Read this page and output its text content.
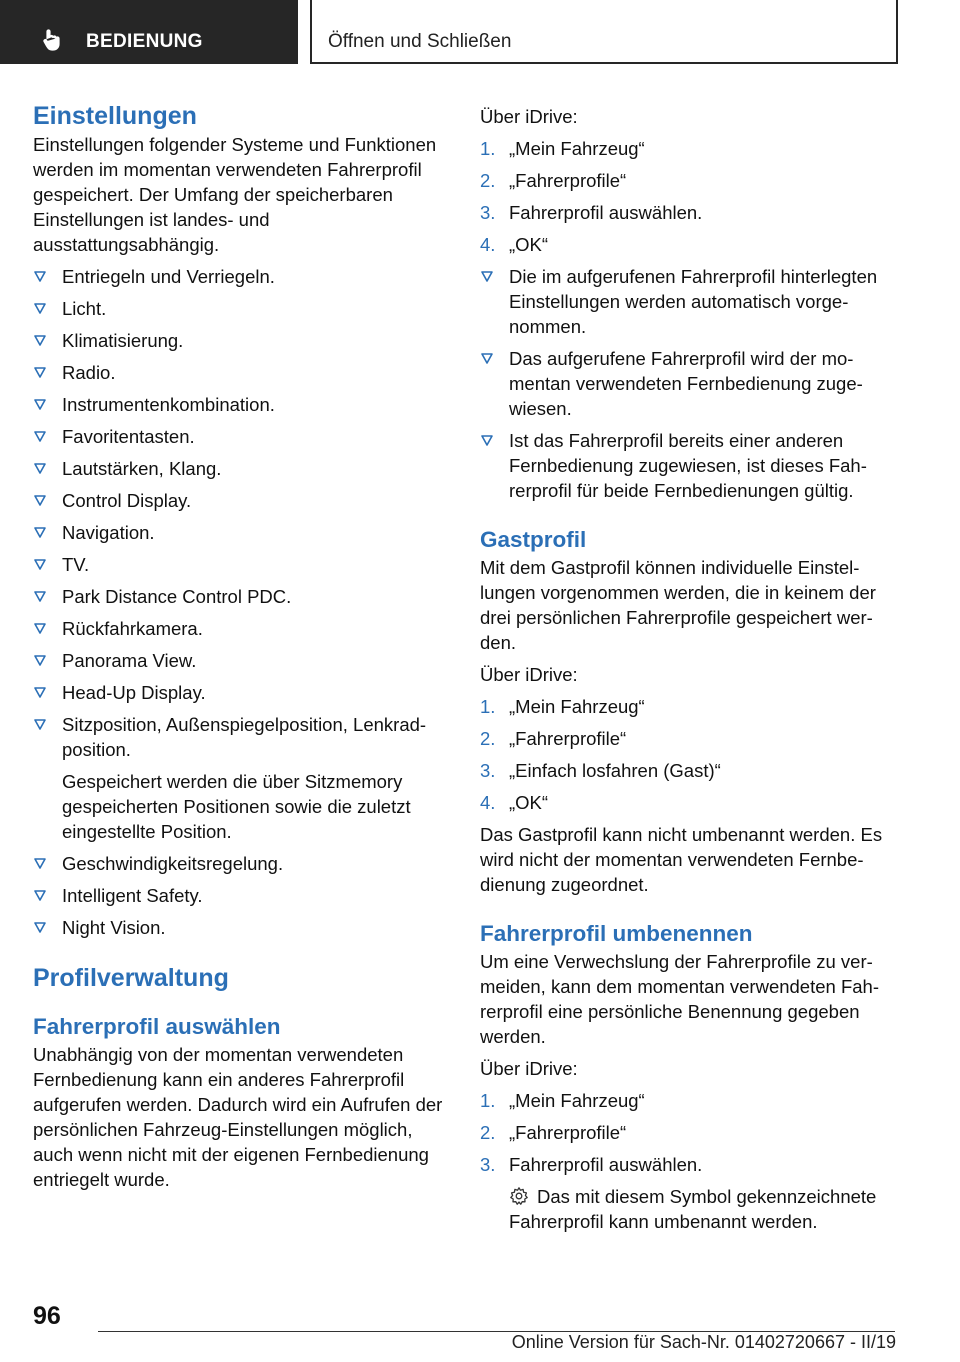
BEDIENUNG	Öffnen und Schließen
Einstellungen

Einstellungen folgender Systeme und Funktionen werden im momentan verwendeten Fahrerprofil gespeichert. Der Umfang der speicherbaren Einstellungen ist landes- und ausstattungsabhängig.

Entriegeln und Verriegeln.
Licht.
Klimatisierung.
Radio.
Instrumentenkombination.
Favoritentasten.
Lautstärken, Klang.
Control Display.
Navigation.
TV.
Park Distance Control PDC.
Rückfahrkamera.
Panorama View.
Head-Up Display.
Sitzposition, Außenspiegelposition, Lenkradposition.
Gespeichert werden die über Sitzmemory gespeicherten Positionen sowie die zuletzt eingestellte Position.
Geschwindigkeitsregelung.
Intelligent Safety.
Night Vision.
Profilverwaltung
Fahrerprofil auswählen

Unabhängig von der momentan verwendeten Fernbedienung kann ein anderes Fahrerprofil aufgerufen werden. Dadurch wird ein Aufrufen der persönlichen Fahrzeug-Einstellungen möglich, auch wenn nicht mit der eigenen Fernbedienung entriegelt wurde.

Über iDrive:

1. „Mein Fahrzeug“
2. „Fahrerprofile“
3. Fahrerprofil auswählen.
4. „OK“
Die im aufgerufenen Fahrerprofil hinterlegten Einstellungen werden automatisch vorgenommen.
Das aufgerufene Fahrerprofil wird der momentan verwendeten Fernbedienung zugewiesen.
Ist das Fahrerprofil bereits einer anderen Fernbedienung zugewiesen, ist dieses Fahrerprofil für beide Fernbedienungen gültig.
Gastprofil

Mit dem Gastprofil können individuelle Einstellungen vorgenommen werden, die in keinem der drei persönlichen Fahrerprofile gespeichert werden.

Über iDrive:

1. „Mein Fahrzeug“
2. „Fahrerprofile“
3. „Einfach losfahren (Gast)“
4. „OK“

Das Gastprofil kann nicht umbenannt werden. Es wird nicht der momentan verwendeten Fernbedienung zugeordnet.

Fahrerprofil umbenennen

Um eine Verwechslung der Fahrerprofile zu vermeiden, kann dem momentan verwendeten Fahrerprofil eine persönliche Benennung gegeben werden.

Über iDrive:

1. „Mein Fahrzeug“
2. „Fahrerprofile“
3. Fahrerprofil auswählen.
Das mit diesem Symbol gekennzeichnete Fahrerprofil kann umbenannt werden.
96
Online Version für Sach-Nr. 01402720667 - II/19
